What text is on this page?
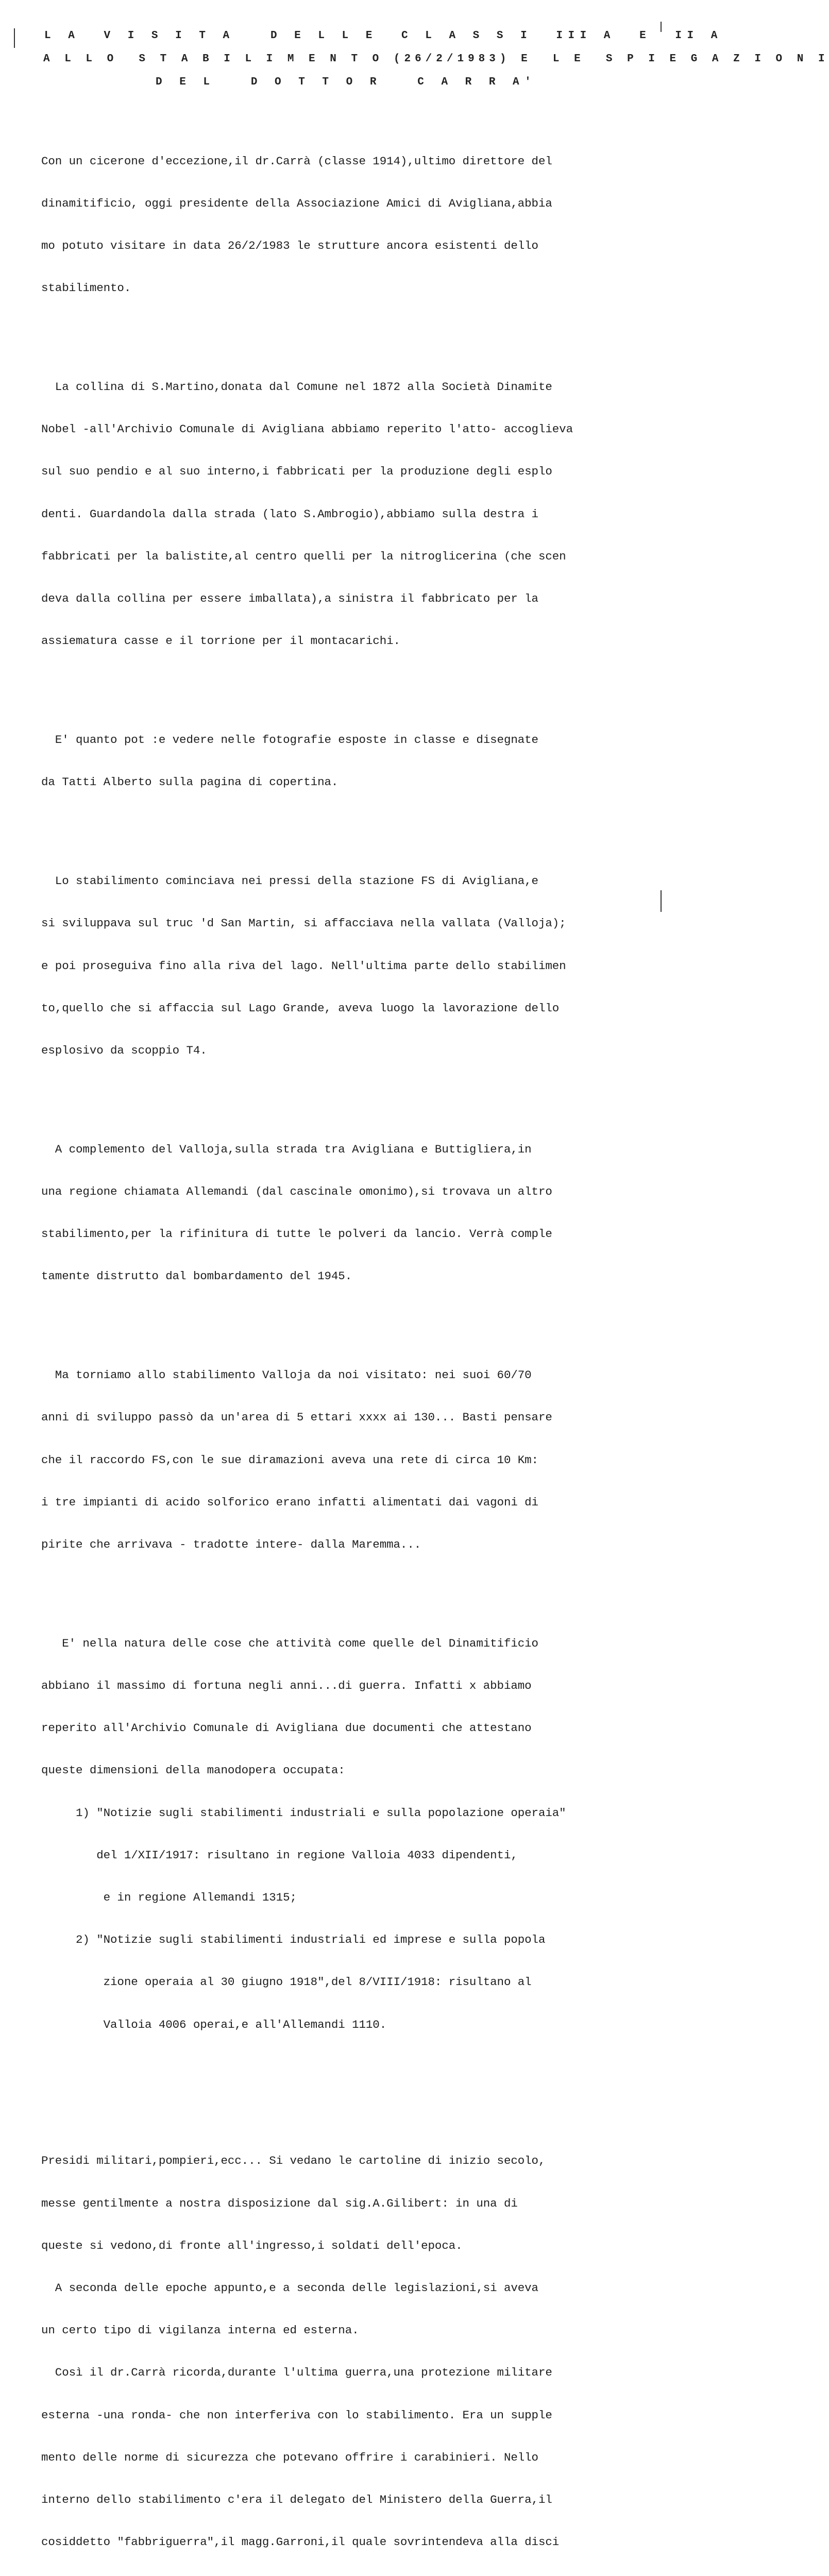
L A  V I S I T A   D E L L E  C L A S S I  III A  E  II A
A L L O  S T A B I L I M E N T O (26/2/1983) E  L E  S P I E G A Z I O N I
D E L   D O T T O R   C A R R A'

Con un cicerone d'eccezione,il dr.Carrà (classe 1914),ultimo direttore del

dinamitificio, oggi presidente della Associazione Amici di Avigliana,abbia

mo potuto visitare in data 26/2/1983 le strutture ancora esistenti dello

stabilimento.

La collina di S.Martino,donata dal Comune nel 1872 alla Società Dinamite

Nobel -all'Archivio Comunale di Avigliana abbiamo reperito l'atto- accoglieva

sul suo pendio e al suo interno,i fabbricati per la produzione degli esplo

denti. Guardandola dalla strada (lato S.Ambrogio),abbiamo sulla destra i

fabbricati per la balistite,al centro quelli per la nitroglicerina (che scen

deva dalla collina per essere imballata),a sinistra il fabbricato per la

assiematura casse e il torrione per il montacarichi.

E' quanto pot :e vedere nelle fotografie esposte in classe e disegnate

da Tatti Alberto sulla pagina di copertina.

Lo stabilimento cominciava nei pressi della stazione FS di Avigliana,e

si sviluppava sul truc 'd San Martin, si affacciava nella vallata (Valloja);

e poi proseguiva fino alla riva del lago. Nell'ultima parte dello stabilimen

to,quello che si affaccia sul Lago Grande, aveva luogo la lavorazione dello

esplosivo da scoppio T4.

A complemento del Valloja,sulla strada tra Avigliana e Buttigliera,in

una regione chiamata Allemandi (dal cascinale omonimo),si trovava un altro

stabilimento,per la rifinitura di tutte le polveri da lancio. Verrà comple

tamente distrutto dal bombardamento del 1945.

Ma torniamo allo stabilimento Valloja da noi visitato: nei suoi 60/70

anni di sviluppo passò da un'area di 5 ettari xxxx ai 130... Basti pensare

che il raccordo FS,con le sue diramazioni aveva una rete di circa 10 Km:

i tre impianti di acido solforico erano infatti alimentati dai vagoni di

pirite che arrivava - tradotte intere- dalla Maremma...

E' nella natura delle cose che attività come quelle del Dinamitificio

abbiano il massimo di fortuna negli anni...di guerra. Infatti x abbiamo

reperito all'Archivio Comunale di Avigliana due documenti che attestano

queste dimensioni della manodopera occupata:

1) "Notizie sugli stabilimenti industriali e sulla popolazione operaia"

del 1/XII/1917: risultano in regione Valloia 4033 dipendenti,

e in regione Allemandi 1315;

2) "Notizie sugli stabilimenti industriali ed imprese e sulla popola

zione operaia al 30 giugno 1918",del 8/VIII/1918: risultano al

Valloia 4006 operai,e all'Allemandi 1110.

Presidi militari,pompieri,ecc... Si vedano le cartoline di inizio secolo,

messe gentilmente a nostra disposizione dal sig.A.Gilibert: in una di

queste si vedono,di fronte all'ingresso,i soldati dell'epoca.

A seconda delle epoche appunto,e a seconda delle legislazioni,si aveva

un certo tipo di vigilanza interna ed esterna.

Così il dr.Carrà ricorda,durante l'ultima guerra,una protezione militare

esterna -una ronda- che non interferiva con lo stabilimento. Era un supple

mento delle norme di sicurezza che potevano offrire i carabinieri. Nello

interno dello stabilimento c'era il delegato del Ministero della Guerra,il

cosiddetto "fabbriguerra",il magg.Garroni,il quale sovrintendeva alla disci
